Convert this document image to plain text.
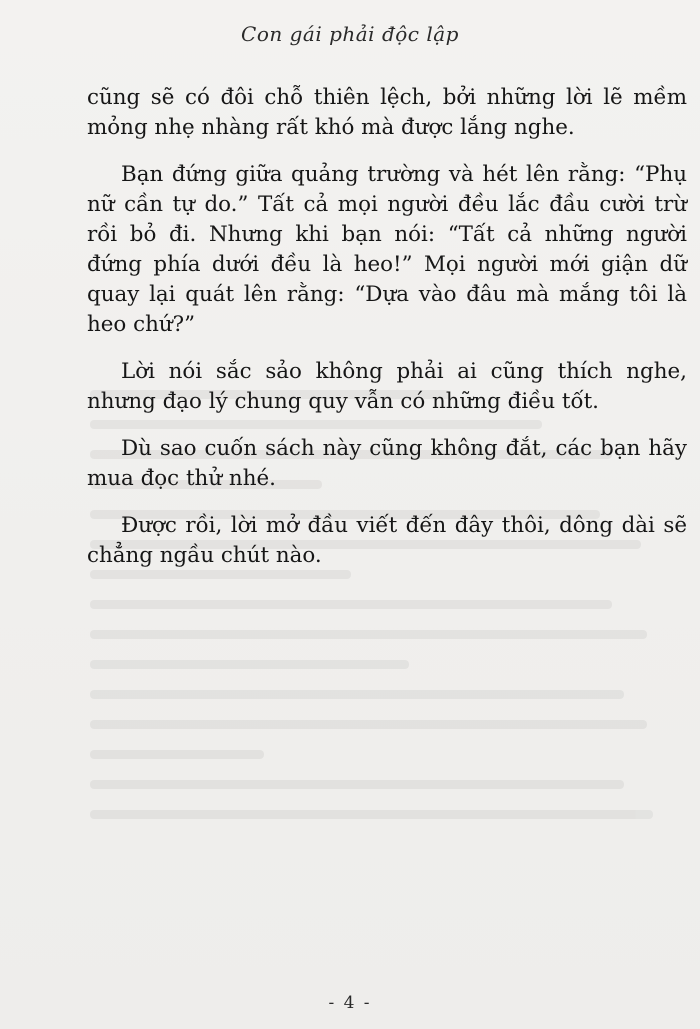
Con gái phải độc lập

cũng sẽ có đôi chỗ thiên lệch, bởi những lời lẽ mềm mỏng nhẹ nhàng rất khó mà được lắng nghe.

Bạn đứng giữa quảng trường và hét lên rằng: “Phụ nữ cần tự do.” Tất cả mọi người đều lắc đầu cười trừ rồi bỏ đi. Nhưng khi bạn nói: “Tất cả những người đứng phía dưới đều là heo!” Mọi người mới giận dữ quay lại quát lên rằng: “Dựa vào đâu mà mắng tôi là heo chứ?”

Lời nói sắc sảo không phải ai cũng thích nghe, nhưng đạo lý chung quy vẫn có những điều tốt.

Dù sao cuốn sách này cũng không đắt, các bạn hãy mua đọc thử nhé.

Được rồi, lời mở đầu viết đến đây thôi, dông dài sẽ chẳng ngầu chút nào.

- 4 -
